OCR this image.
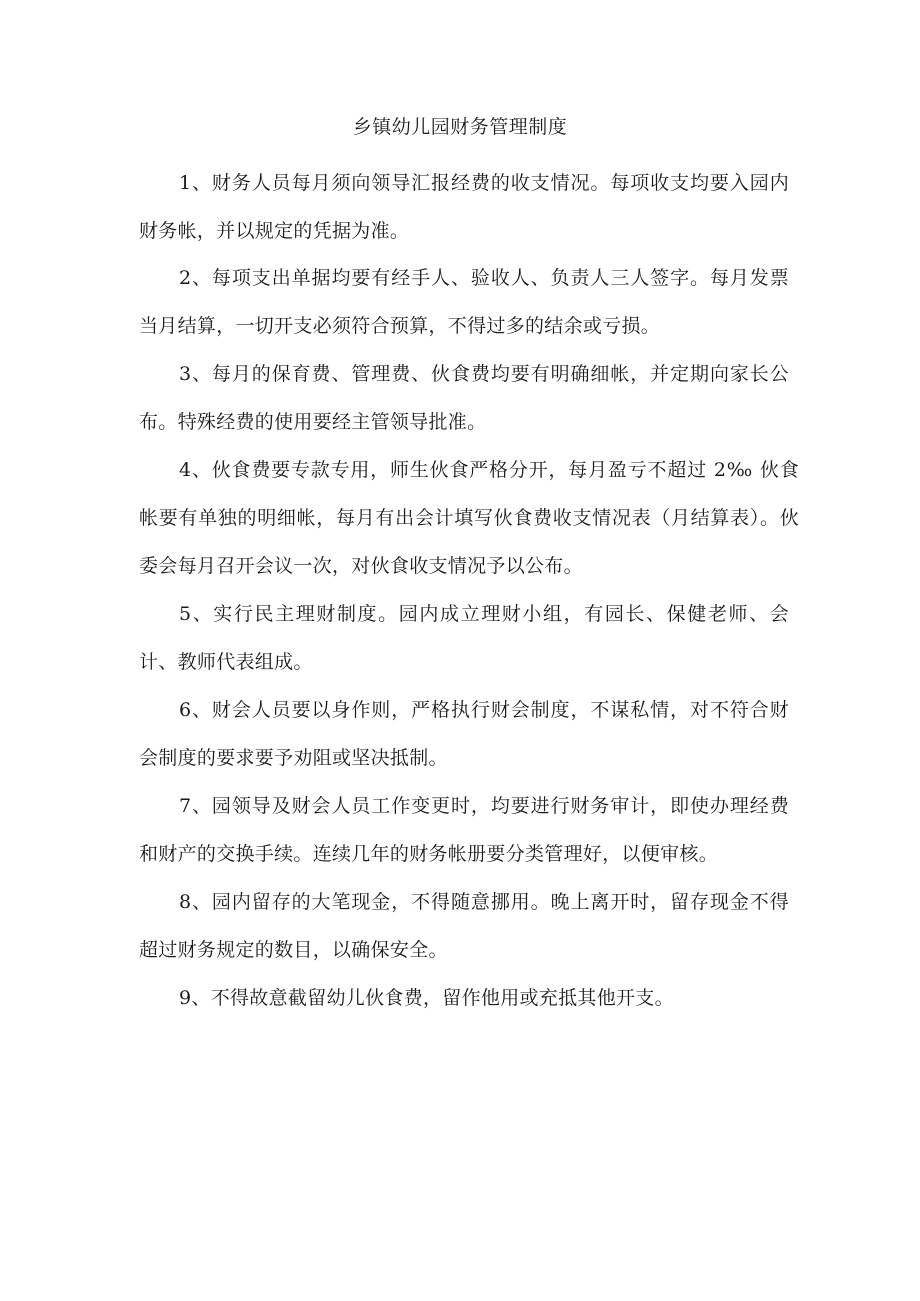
乡镇幼儿园财务管理制度

1、财务人员每月须向领导汇报经费的收支情况。每项收支均要入园内财务帐，并以规定的凭据为准。

2、每项支出单据均要有经手人、验收人、负责人三人签字。每月发票当月结算，一切开支必须符合预算，不得过多的结余或亏损。

3、每月的保育费、管理费、伙食费均要有明确细帐，并定期向家长公布。特殊经费的使用要经主管领导批准。

4、伙食费要专款专用，师生伙食严格分开，每月盈亏不超过 2‰ 伙食帐要有单独的明细帐，每月有出会计填写伙食费收支情况表（月结算表）。伙委会每月召开会议一次，对伙食收支情况予以公布。

5、实行民主理财制度。园内成立理财小组，有园长、保健老师、会计、教师代表组成。

6、财会人员要以身作则，严格执行财会制度，不谋私情，对不符合财会制度的要求要予劝阻或坚决抵制。

7、园领导及财会人员工作变更时，均要进行财务审计，即使办理经费和财产的交换手续。连续几年的财务帐册要分类管理好，以便审核。

8、园内留存的大笔现金，不得随意挪用。晚上离开时，留存现金不得超过财务规定的数目，以确保安全。

9、不得故意截留幼儿伙食费，留作他用或充抵其他开支。
